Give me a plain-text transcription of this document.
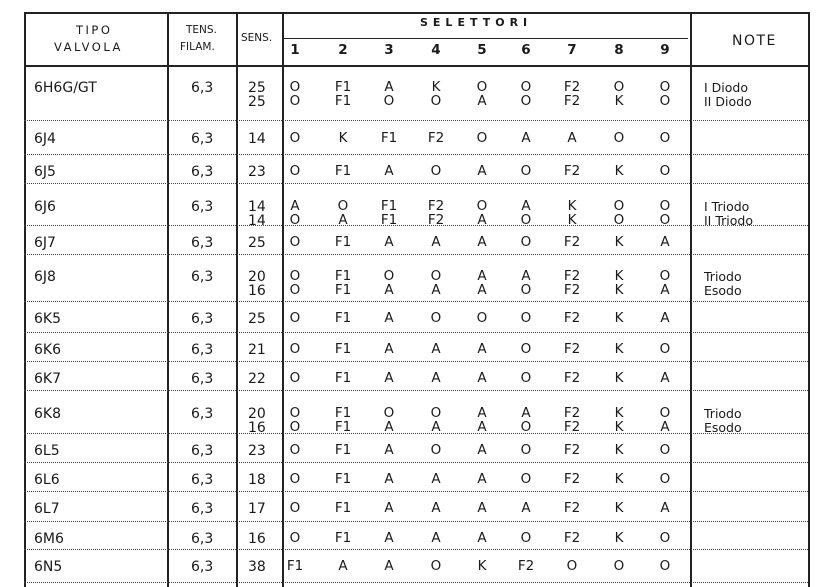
TIPO
VALVOLA
TENS.
FILAM.
SENS.
SELETTORI
NOTE
1	2	3	4	5	6	7	8	9
6H6G/GT	6,3 25	O	F1	A	K	O	O	F2	O	O	I Diodo
25	O	F1	O	O	A	O	F2	K	O	II Diodo
6J4	6,3 14	O	K	F1	F2	O	A	A	O	O
6J5	6,3 23	O	F1	A	O	A	O	F2	K	O
6J6	6,3 14	A	O	F1	F2	O	A	K	O	O	I Triodo
14	O	A	F1	F2	A	O	K	O	O	II Triodo
6J7	6,3 25	O	F1	A	A	A	O	F2	K	A
6J8	6,3 20	O	F1	O	O	A	A	F2	K	O	Triodo
16	O	F1	A	A	A	O	F2	K	A	Esodo
6K5	6,3 25	O	F1	A	O	O	O	F2	K	A
6K6	6,3 21	O	F1	A	A	A	O	F2	K	O
6K7	6,3 22	O	F1	A	A	A	O	F2	K	A
6K8	6,3 20	O	F1	O	O	A	A	F2	K	O	Triodo
16	O	F1	A	A	A	O	F2	K	A	Esodo
6L5	6,3 23	O	F1	A	O	A	O	F2	K	O
6L6	6,3 18	O	F1	A	A	A	O	F2	K	O
6L7	6,3 17	O	F1	A	A	A	A	F2	K	A
6M6	6,3 16	O	F1	A	A	A	O	F2	K	O
6N5	6,3 38	F1	A	A	O	K	F2	O	O	O
